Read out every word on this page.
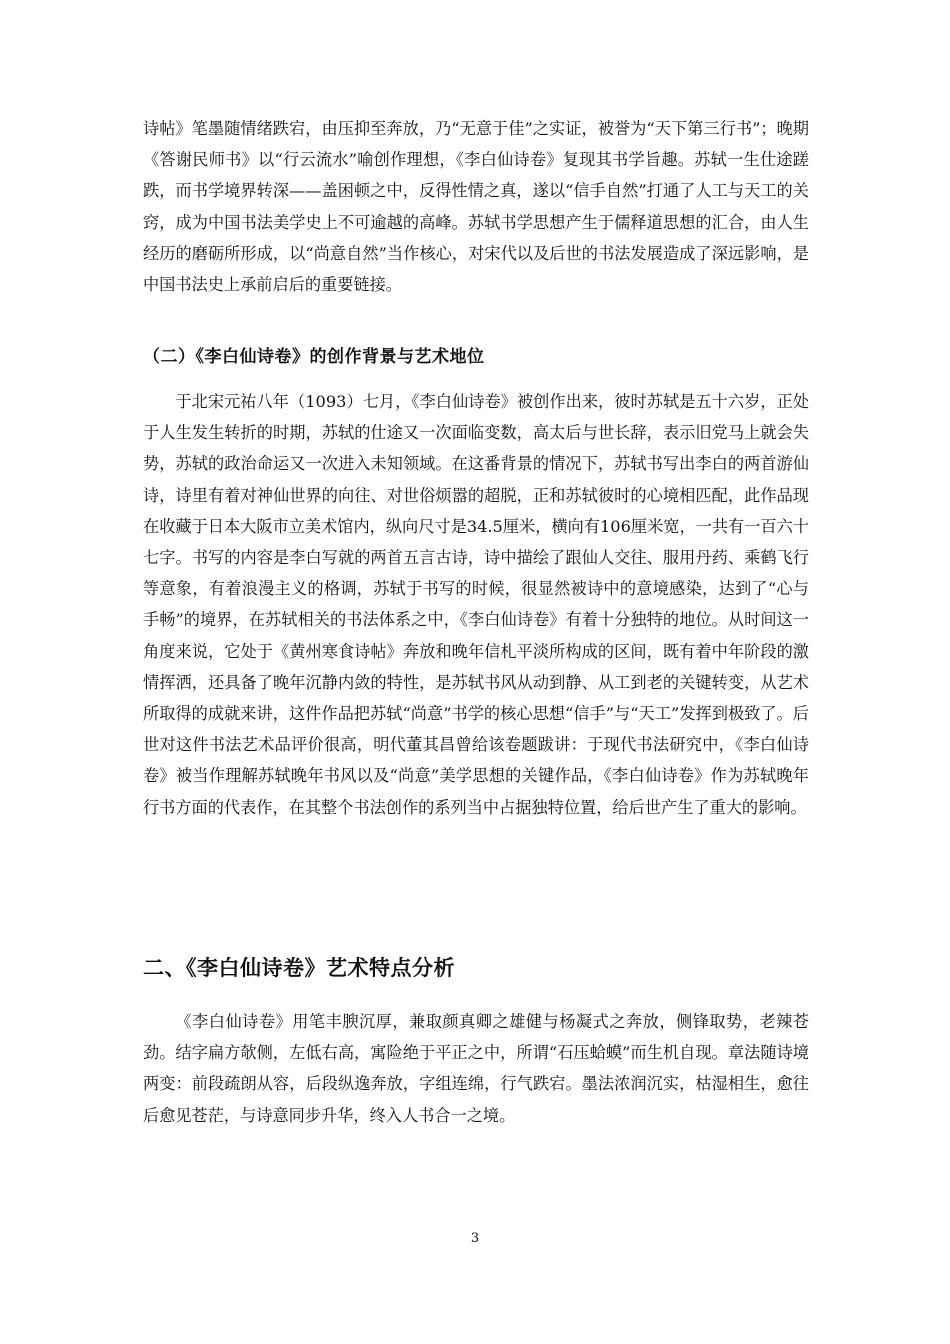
诗帖》笔墨随情绪跌宕，由压抑至奔放，乃“无意于佳”之实证，被誉为“天下第三行书”；晚期《答谢民师书》以“行云流水”喻创作理想，《李白仙诗卷》复现其书学旨趣。苏轼一生仕途蹉跌，而书学境界转深——盖困顿之中，反得性情之真，遂以“信手自然”打通了人工与天工的关窍，成为中国书法美学史上不可逾越的高峰。苏轼书学思想产生于儒释道思想的汇合，由人生经历的磨砺所形成，以“尚意自然”当作核心，对宋代以及后世的书法发展造成了深远影响，是中国书法史上承前启后的重要链接。

（二）《李白仙诗卷》的创作背景与艺术地位

于北宋元祐八年（1093）七月，《李白仙诗卷》被创作出来，彼时苏轼是五十六岁，正处于人生发生转折的时期，苏轼的仕途又一次面临变数，高太后与世长辞，表示旧党马上就会失势，苏轼的政治命运又一次进入未知领域。在这番背景的情况下，苏轼书写出李白的两首游仙诗，诗里有着对神仙世界的向往、对世俗烦嚣的超脱，正和苏轼彼时的心境相匹配，此作品现在收藏于日本大阪市立美术馆内，纵向尺寸是34.5厘米，横向有106厘米宽，一共有一百六十七字。书写的内容是李白写就的两首五言古诗，诗中描绘了跟仙人交往、服用丹药、乘鹤飞行等意象，有着浪漫主义的格调，苏轼于书写的时候，很显然被诗中的意境感染，达到了“心与手畅”的境界，在苏轼相关的书法体系之中，《李白仙诗卷》有着十分独特的地位。从时间这一角度来说，它处于《黄州寒食诗帖》奔放和晚年信札平淡所构成的区间，既有着中年阶段的激情挥洒，还具备了晚年沉静内敛的特性，是苏轼书风从动到静、从工到老的关键转变，从艺术所取得的成就来讲，这件作品把苏轼“尚意”书学的核心思想“信手”与“天工”发挥到极致了。后世对这件书法艺术品评价很高，明代董其昌曾给该卷题跋讲：于现代书法研究中，《李白仙诗卷》被当作理解苏轼晚年书风以及“尚意”美学思想的关键作品，《李白仙诗卷》作为苏轼晚年行书方面的代表作，在其整个书法创作的系列当中占据独特位置，给后世产生了重大的影响。

二、《李白仙诗卷》艺术特点分析

《李白仙诗卷》用笔丰腴沉厚，兼取颜真卿之雄健与杨凝式之奔放，侧锋取势，老辣苍劲。结字扁方欹侧，左低右高，寓险绝于平正之中，所谓“石压蛤蟆”而生机自现。章法随诗境两变：前段疏朗从容，后段纵逸奔放，字组连绵，行气跌宕。墨法浓润沉实，枯湿相生，愈往后愈见苍茫，与诗意同步升华，终入人书合一之境。

3
